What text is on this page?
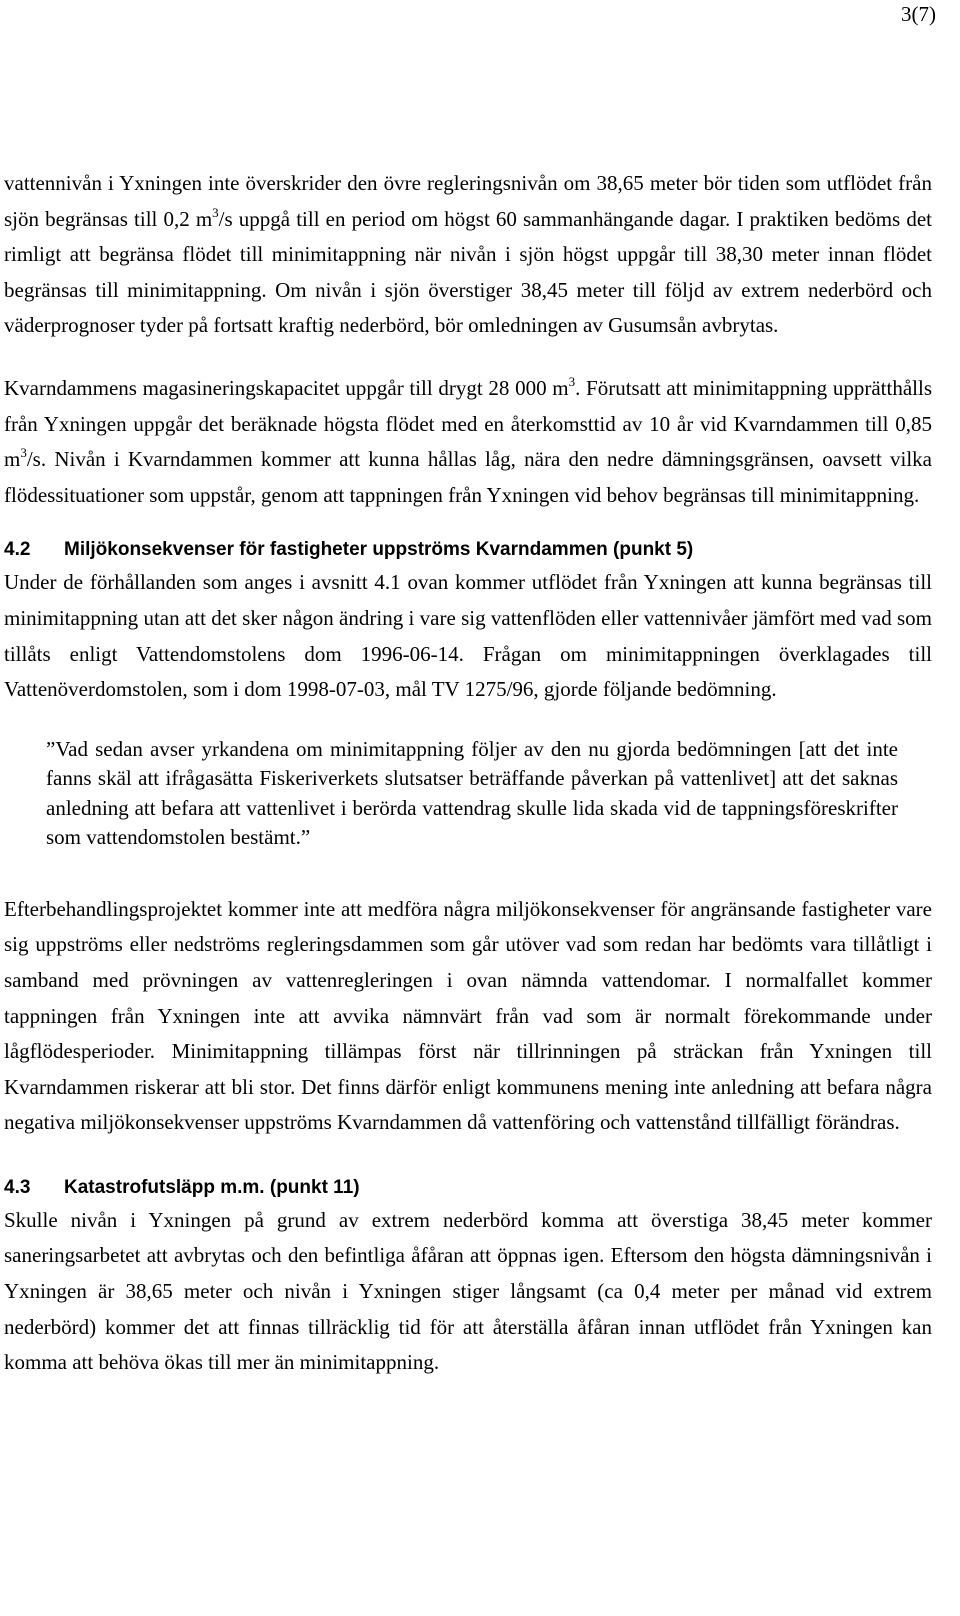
3(7)

vattennivån i Yxningen inte överskrider den övre regleringsnivån om 38,65 meter bör tiden som utflödet från sjön begränsas till 0,2 $m^3/s$ uppgå till en period om högst 60 sammanhängande dagar. I praktiken bedöms det rimligt att begränsa flödet till minimitappning när nivån i sjön högst uppgår till 38,30 meter innan flödet begränsas till minimitappning. Om nivån i sjön överstiger 38,45 meter till följd av extrem nederbörd och väderprognoser tyder på fortsatt kraftig nederbörd, bör omledningen av Gusumsån avbrytas.

Kvarndammens magasineringskapacitet uppgår till drygt 28 000 $m^3$. Förutsatt att minimitappning upprätthålls från Yxningen uppgår det beräknade högsta flödet med en återkomsttid av 10 år vid Kvarndammen till 0,85 $m^3/s$. Nivån i Kvarndammen kommer att kunna hållas låg, nära den nedre dämningsgränsen, oavsett vilka flödessituationer som uppstår, genom att tappningen från Yxningen vid behov begränsas till minimitappning.

4.2 Miljökonsekvenser för fastigheter uppströms Kvarndammen (punkt 5)

Under de förhållanden som anges i avsnitt 4.1 ovan kommer utflödet från Yxningen att kunna begränsas till minimitappning utan att det sker någon ändring i vare sig vattenflöden eller vattennivåer jämfört med vad som tillåts enligt Vattendomstolens dom 1996-06-14. Frågan om minimitappningen överklagades till Vattenöverdomstolen, som i dom 1998-07-03, mål TV 1275/96, gjorde följande bedömning.

”Vad sedan avser yrkandena om minimitappning följer av den nu gjorda bedömningen [att det inte fanns skäl att ifrågasätta Fiskeriverkets slutsatser beträffande påverkan på vattenlivet] att det saknas anledning att befara att vattenlivet i berörda vattendrag skulle lida skada vid de tappningsföreskrifter som vattendomstolen bestämt.”

Efterbehandlingsprojektet kommer inte att medföra några miljökonsekvenser för angränsande fastigheter vare sig uppströms eller nedströms regleringsdammen som går utöver vad som redan har bedömts vara tillåtligt i samband med prövningen av vattenregleringen i ovan nämnda vattendomar. I normalfallet kommer tappningen från Yxningen inte att avvika nämnvärt från vad som är normalt förekommande under lågflödesperioder. Minimitappning tillämpas först när tillrinningen på sträckan från Yxningen till Kvarndammen riskerar att bli stor. Det finns därför enligt kommunens mening inte anledning att befara några negativa miljökonsekvenser uppströms Kvarndammen då vattenföring och vattenstånd tillfälligt förändras.

4.3 Katastrofutsläpp m.m. (punkt 11)

Skulle nivån i Yxningen på grund av extrem nederbörd komma att överstiga 38,45 meter kommer saneringsarbetet att avbrytas och den befintliga åfåran att öppnas igen. Eftersom den högsta dämningsnivån i Yxningen är 38,65 meter och nivån i Yxningen stiger långsamt (ca 0,4 meter per månad vid extrem nederbörd) kommer det att finnas tillräcklig tid för att återställa åfåran innan utflödet från Yxningen kan komma att behöva ökas till mer än minimitappning.
